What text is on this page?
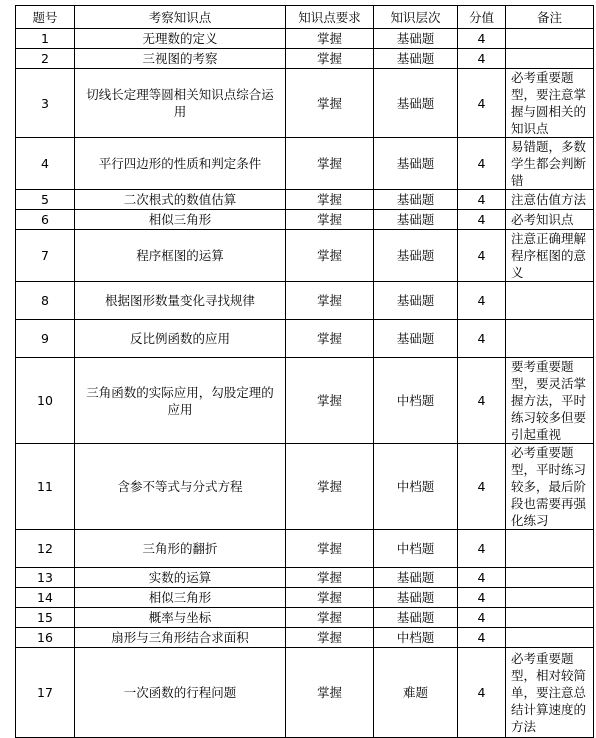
题号	考察知识点	知识点要求	知识层次	分值	备注
1	无理数的定义	掌握	基础题	4	
2	三视图的考察	掌握	基础题	4	
3	切线长定理等圆相关知识点综合运用	掌握	基础题	4	必考重要题型，要注意掌握与圆相关的知识点
4	平行四边形的性质和判定条件	掌握	基础题	4	易错题，多数学生都会判断错
5	二次根式的数值估算	掌握	基础题	4	注意估值方法
6	相似三角形	掌握	基础题	4	必考知识点
7	程序框图的运算	掌握	基础题	4	注意正确理解程序框图的意义
8	根据图形数量变化寻找规律	掌握	基础题	4	
9	反比例函数的应用	掌握	基础题	4	
10	三角函数的实际应用，勾股定理的应用	掌握	中档题	4	要考重要题型，要灵活掌握方法，平时练习较多但要引起重视
11	含参不等式与分式方程	掌握	中档题	4	必考重要题型，平时练习较多，最后阶段也需要再强化练习
12	三角形的翻折	掌握	中档题	4	
13	实数的运算	掌握	基础题	4	
14	相似三角形	掌握	基础题	4	
15	概率与坐标	掌握	基础题	4	
16	扇形与三角形结合求面积	掌握	中档题	4	
17	一次函数的行程问题	掌握	难题	4	必考重要题型，相对较简单，要注意总结计算速度的方法
